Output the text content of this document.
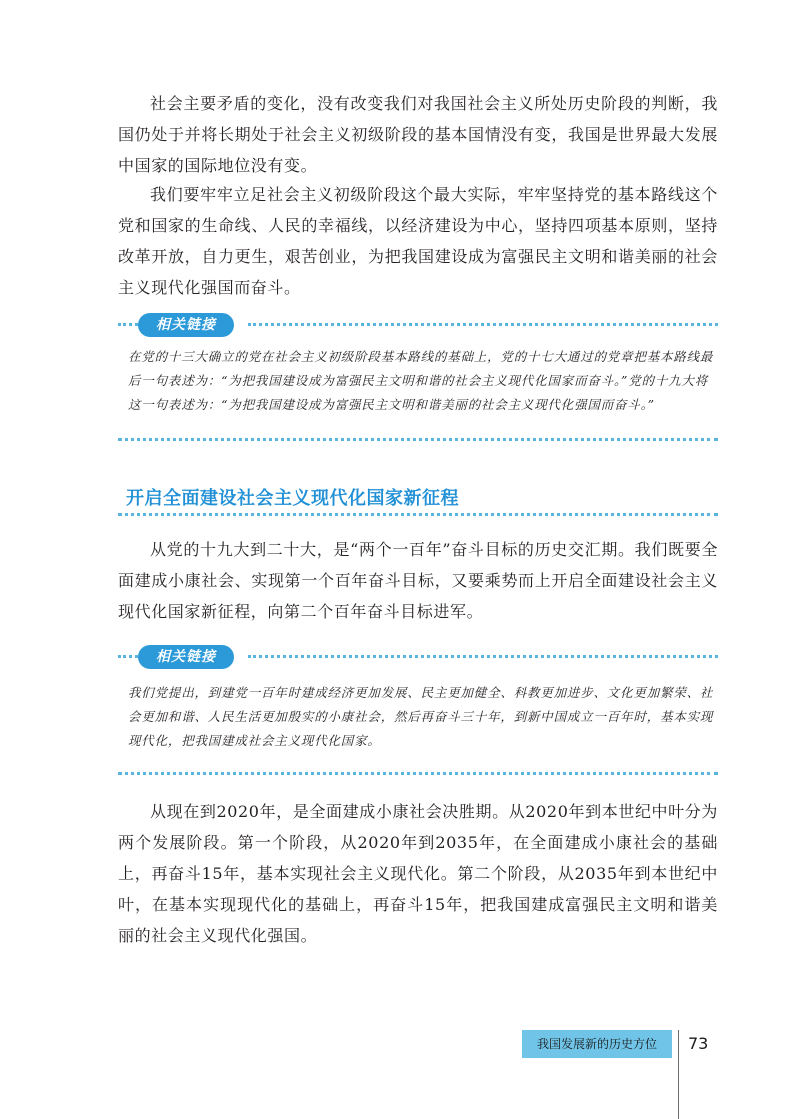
社会主要矛盾的变化，没有改变我们对我国社会主义所处历史阶段的判断，我国仍处于并将长期处于社会主义初级阶段的基本国情没有变，我国是世界最大发展中国家的国际地位没有变。

我们要牢牢立足社会主义初级阶段这个最大实际，牢牢坚持党的基本路线这个党和国家的生命线、人民的幸福线，以经济建设为中心，坚持四项基本原则，坚持改革开放，自力更生，艰苦创业，为把我国建设成为富强民主文明和谐美丽的社会主义现代化强国而奋斗。

相关链接

在党的十三大确立的党在社会主义初级阶段基本路线的基础上，党的十七大通过的党章把基本路线最后一句表述为：“为把我国建设成为富强民主文明和谐的社会主义现代化国家而奋斗。”党的十九大将这一句表述为：“为把我国建设成为富强民主文明和谐美丽的社会主义现代化强国而奋斗。”

开启全面建设社会主义现代化国家新征程

从党的十九大到二十大，是“两个一百年”奋斗目标的历史交汇期。我们既要全面建成小康社会、实现第一个百年奋斗目标，又要乘势而上开启全面建设社会主义现代化国家新征程，向第二个百年奋斗目标进军。

相关链接

我们党提出，到建党一百年时建成经济更加发展、民主更加健全、科教更加进步、文化更加繁荣、社会更加和谐、人民生活更加殷实的小康社会，然后再奋斗三十年，到新中国成立一百年时，基本实现现代化，把我国建成社会主义现代化国家。

从现在到2020年，是全面建成小康社会决胜期。从2020年到本世纪中叶分为两个发展阶段。第一个阶段，从2020年到2035年，在全面建成小康社会的基础上，再奋斗15年，基本实现社会主义现代化。第二个阶段，从2035年到本世纪中叶，在基本实现现代化的基础上，再奋斗15年，把我国建成富强民主文明和谐美丽的社会主义现代化强国。

我国发展新的历史方位	73
